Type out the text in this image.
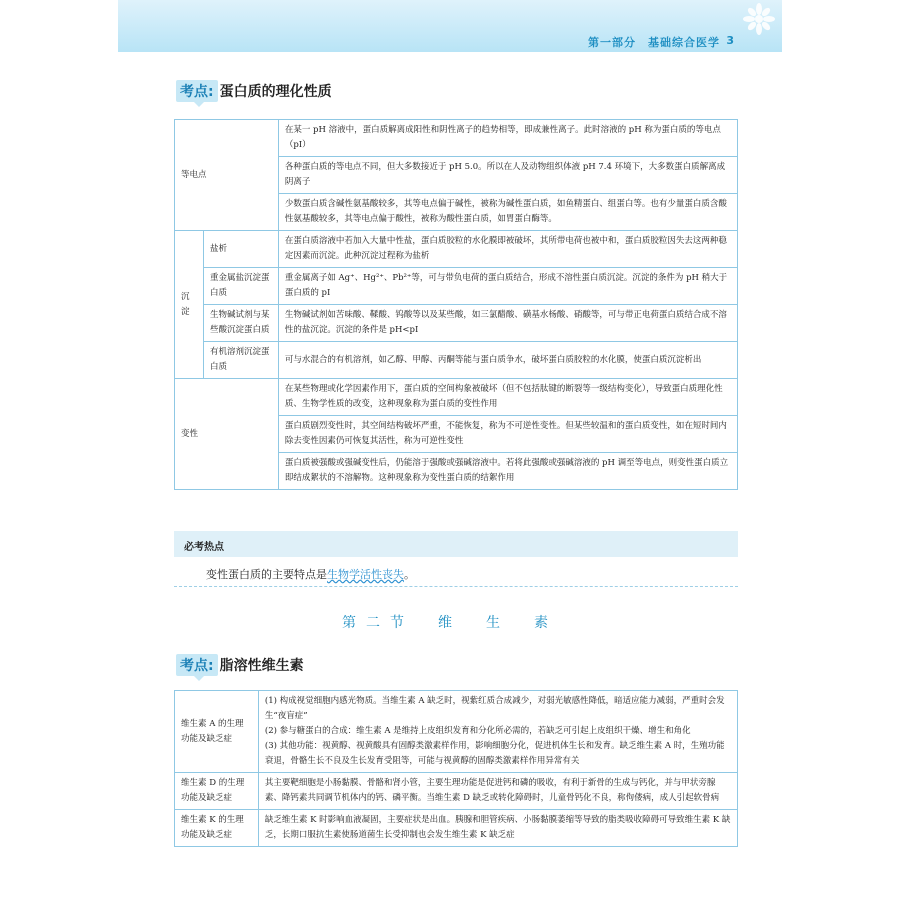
第一部分　基础综合医学 3
考点: 蛋白质的理化性质
等电点		在某一 pH 溶液中，蛋白质解离成阳性和阴性离子的趋势相等，即成兼性离子。此时溶液的 pH 称为蛋白质的等电点（pI）
		各种蛋白质的等电点不同，但大多数接近于 pH 5.0。所以在人及动物组织体液 pH 7.4 环境下，大多数蛋白质解离成阴离子
		少数蛋白质含碱性氨基酸较多，其等电点偏于碱性，被称为碱性蛋白质，如鱼精蛋白、组蛋白等。也有少量蛋白质含酸性氨基酸较多，其等电点偏于酸性，被称为酸性蛋白质，如胃蛋白酶等。
沉淀	盐析	在蛋白质溶液中若加入大量中性盐，蛋白质胶粒的水化膜即被破坏，其所带电荷也被中和，蛋白质胶粒因失去这两种稳定因素而沉淀。此种沉淀过程称为盐析
	重金属盐沉淀蛋白质	重金属离子如 Ag⁺、Hg²⁺、Pb²⁺等，可与带负电荷的蛋白质结合，形成不溶性蛋白质沉淀。沉淀的条件为 pH 稍大于蛋白质的 pI
	生物碱试剂与某些酸沉淀蛋白质	生物碱试剂如苦味酸、鞣酸、钨酸等以及某些酸，如三氯醋酸、磺基水杨酸、硝酸等，可与带正电荷蛋白质结合成不溶性的盐沉淀。沉淀的条件是 pH<pI
	有机溶剂沉淀蛋白质	可与水混合的有机溶剂，如乙醇、甲醇、丙酮等能与蛋白质争水，破坏蛋白质胶粒的水化膜，使蛋白质沉淀析出
变性		在某些物理或化学因素作用下，蛋白质的空间构象被破坏（但不包括肽键的断裂等一级结构变化），导致蛋白质理化性质、生物学性质的改变，这种现象称为蛋白质的变性作用
		蛋白质剧烈变性时，其空间结构破坏严重，不能恢复，称为不可逆性变性。但某些较温和的蛋白质变性，如在短时间内除去变性因素仍可恢复其活性，称为可逆性变性
		蛋白质被强酸或强碱变性后，仍能溶于强酸或强碱溶液中。若将此强酸或强碱溶液的 pH 调至等电点，则变性蛋白质立即结成絮状的不溶解物。这种现象称为变性蛋白质的结絮作用
必考热点
变性蛋白质的主要特点是生物学活性丧失。
第二节　维　生　素
考点: 脂溶性维生素
维生素 A 的生理功能及缺乏症	(1) 构成视觉细胞内感光物质。当维生素 A 缺乏时，视紫红质合成减少，对弱光敏感性降低，暗适应能力减弱，严重时会发生“夜盲症”
(2) 参与糖蛋白的合成：维生素 A 是维持上皮组织发育和分化所必需的，若缺乏可引起上皮组织干燥、增生和角化
(3) 其他功能：视黄醇、视黄酸具有固醇类激素样作用，影响细胞分化，促进机体生长和发育。缺乏维生素 A 时，生殖功能衰退，骨骼生长不良及生长发育受阻等，可能与视黄醇的固醇类激素样作用异常有关
维生素 D 的生理功能及缺乏症	其主要靶细胞是小肠黏膜、骨骼和肾小管，主要生理功能是促进钙和磷的吸收，有利于新骨的生成与钙化，并与甲状旁腺素、降钙素共同调节机体内的钙、磷平衡。当维生素 D 缺乏或转化障碍时，儿童骨钙化不良，称佝偻病，成人引起软骨病
维生素 K 的生理功能及缺乏症	缺乏维生素 K 时影响血液凝固，主要症状是出血。胰腺和胆管疾病、小肠黏膜萎缩等导致的脂类吸收障碍可导致维生素 K 缺乏，长期口服抗生素使肠道菌生长受抑制也会发生维生素 K 缺乏症
